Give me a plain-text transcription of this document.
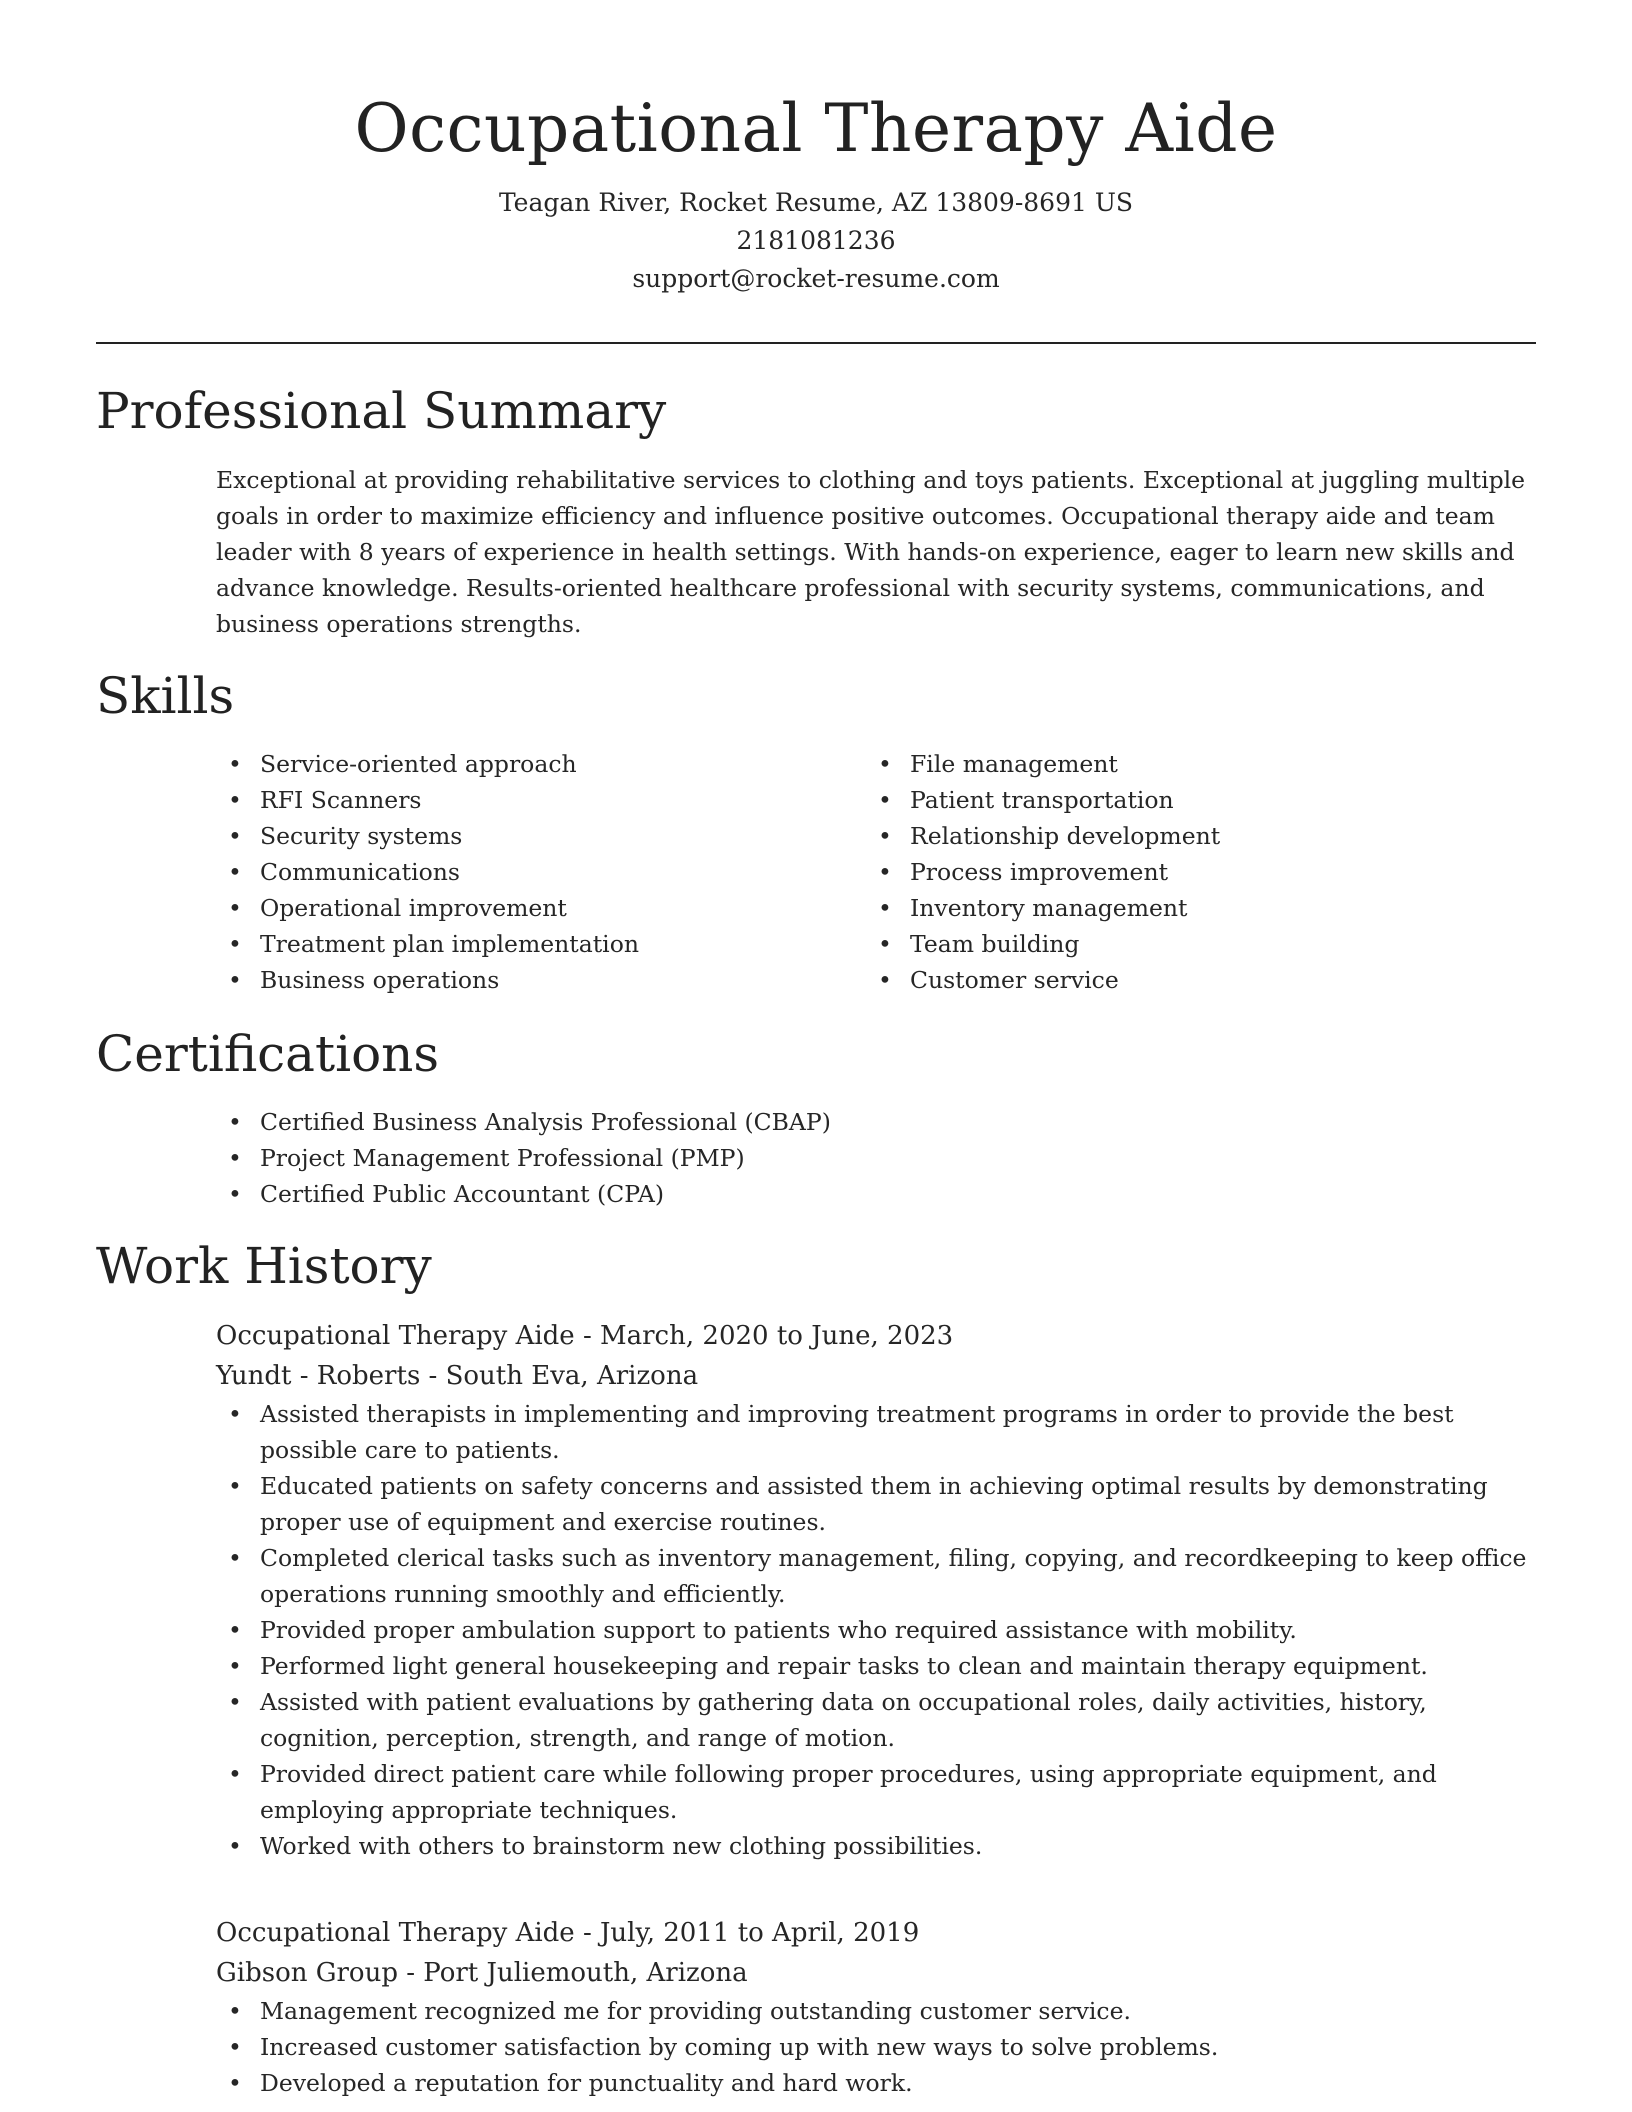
Occupational Therapy Aide
Teagan River, Rocket Resume, AZ 13809-8691 US
2181081236
support@rocket-resume.com
Professional Summary

Exceptional at providing rehabilitative services to clothing and toys patients. Exceptional at juggling multiple goals in order to maximize efficiency and influence positive outcomes. Occupational therapy aide and team leader with 8 years of experience in health settings. With hands-on experience, eager to learn new skills and advance knowledge. Results-oriented healthcare professional with security systems, communications, and business operations strengths.

Skills
• Service-oriented approach
• RFI Scanners
• Security systems
• Communications
• Operational improvement
• Treatment plan implementation
• Business operations
• File management
• Patient transportation
• Relationship development
• Process improvement
• Inventory management
• Team building
• Customer service
Certifications
• Certified Business Analysis Professional (CBAP)
• Project Management Professional (PMP)
• Certified Public Accountant (CPA)
Work History
Occupational Therapy Aide - March, 2020 to June, 2023
Yundt - Roberts - South Eva, Arizona
• Assisted therapists in implementing and improving treatment programs in order to provide the best possible care to patients.
• Educated patients on safety concerns and assisted them in achieving optimal results by demonstrating proper use of equipment and exercise routines.
• Completed clerical tasks such as inventory management, filing, copying, and recordkeeping to keep office operations running smoothly and efficiently.
• Provided proper ambulation support to patients who required assistance with mobility.
• Performed light general housekeeping and repair tasks to clean and maintain therapy equipment.
• Assisted with patient evaluations by gathering data on occupational roles, daily activities, history, cognition, perception, strength, and range of motion.
• Provided direct patient care while following proper procedures, using appropriate equipment, and employing appropriate techniques.
• Worked with others to brainstorm new clothing possibilities.
Occupational Therapy Aide - July, 2011 to April, 2019
Gibson Group - Port Juliemouth, Arizona
• Management recognized me for providing outstanding customer service.
• Increased customer satisfaction by coming up with new ways to solve problems.
• Developed a reputation for punctuality and hard work.
